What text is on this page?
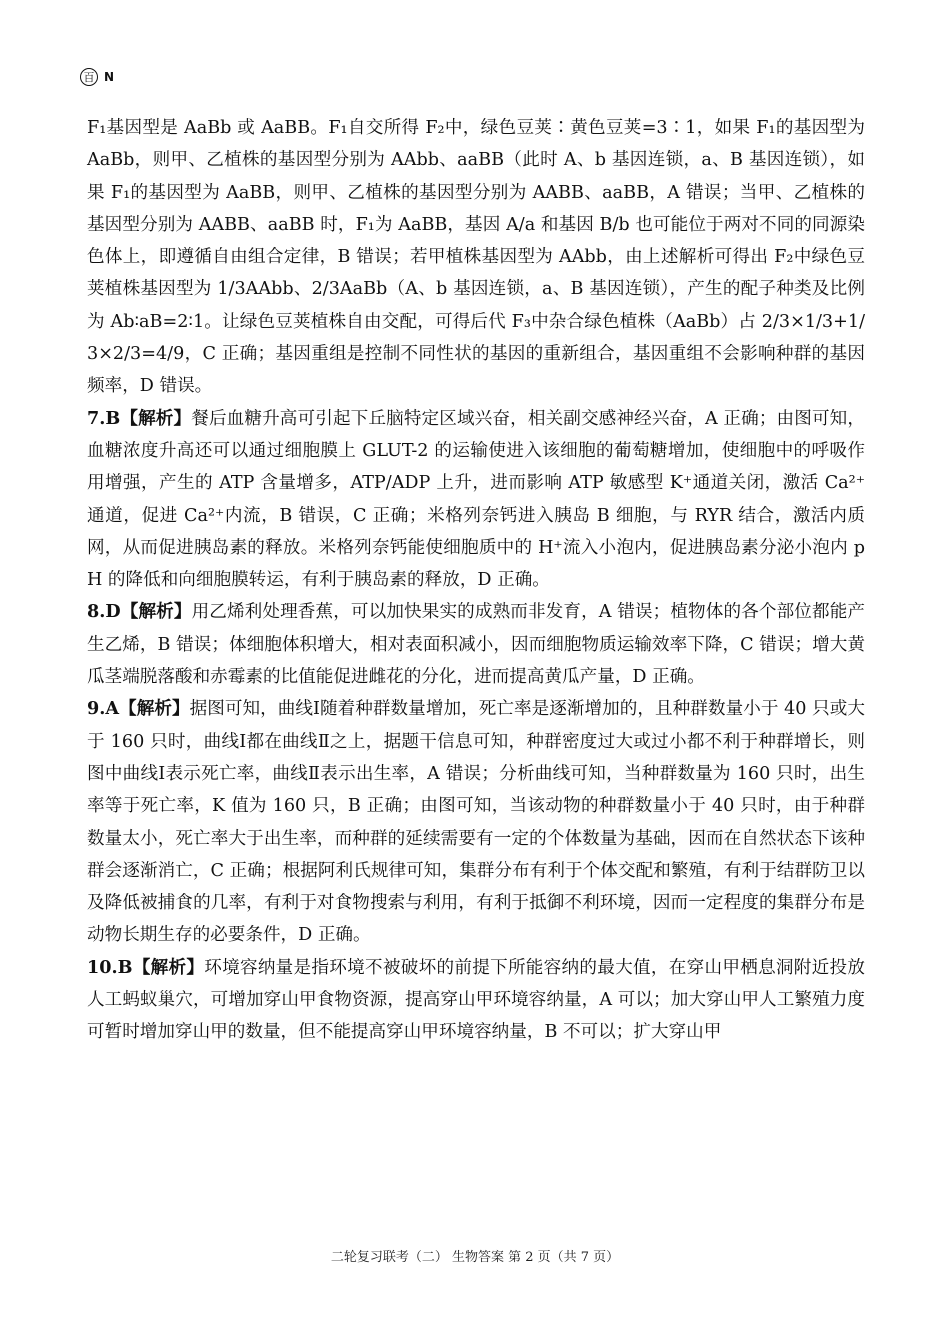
百 N

F₁基因型是 AaBb 或 AaBB。F₁自交所得 F₂中，绿色豆荚∶黄色豆荚=3∶1，如果 F₁的基因型为 AaBb，则甲、乙植株的基因型分别为 AAbb、aaBB（此时 A、b 基因连锁，a、B 基因连锁），如果 F₁的基因型为 AaBB，则甲、乙植株的基因型分别为 AABB、aaBB，A 错误；当甲、乙植株的基因型分别为 AABB、aaBB 时，F₁为 AaBB，基因 A/a 和基因 B/b 也可能位于两对不同的同源染色体上，即遵循自由组合定律，B 错误；若甲植株基因型为 AAbb，由上述解析可得出 F₂中绿色豆荚植株基因型为 1/3AAbb、2/3AaBb（A、b 基因连锁，a、B 基因连锁），产生的配子种类及比例为 Ab∶aB=2∶1。让绿色豆荚植株自由交配，可得后代 F₃中杂合绿色植株（AaBb）占 2/3×1/3+1/3×2/3=4/9，C 正确；基因重组是控制不同性状的基因的重新组合，基因重组不会影响种群的基因频率，D 错误。

7.B【解析】餐后血糖升高可引起下丘脑特定区域兴奋，相关副交感神经兴奋，A 正确；由图可知，血糖浓度升高还可以通过细胞膜上 GLUT-2 的运输使进入该细胞的葡萄糖增加，使细胞中的呼吸作用增强，产生的 ATP 含量增多，ATP/ADP 上升，进而影响 ATP 敏感型 K⁺通道关闭，激活 Ca²⁺通道，促进 Ca²⁺内流，B 错误，C 正确；米格列奈钙进入胰岛 B 细胞，与 RYR 结合，激活内质网，从而促进胰岛素的释放。米格列奈钙能使细胞质中的 H⁺流入小泡内，促进胰岛素分泌小泡内 pH 的降低和向细胞膜转运，有利于胰岛素的释放，D 正确。

8.D【解析】用乙烯利处理香蕉，可以加快果实的成熟而非发育，A 错误；植物体的各个部位都能产生乙烯，B 错误；体细胞体积增大，相对表面积减小，因而细胞物质运输效率下降，C 错误；增大黄瓜茎端脱落酸和赤霉素的比值能促进雌花的分化，进而提高黄瓜产量，D 正确。

9.A【解析】据图可知，曲线Ⅰ随着种群数量增加，死亡率是逐渐增加的，且种群数量小于 40 只或大于 160 只时，曲线Ⅰ都在曲线Ⅱ之上，据题干信息可知，种群密度过大或过小都不利于种群增长，则图中曲线Ⅰ表示死亡率，曲线Ⅱ表示出生率，A 错误；分析曲线可知，当种群数量为 160 只时，出生率等于死亡率，K 值为 160 只，B 正确；由图可知，当该动物的种群数量小于 40 只时，由于种群数量太小，死亡率大于出生率，而种群的延续需要有一定的个体数量为基础，因而在自然状态下该种群会逐渐消亡，C 正确；根据阿利氏规律可知，集群分布有利于个体交配和繁殖，有利于结群防卫以及降低被捕食的几率，有利于对食物搜索与利用，有利于抵御不利环境，因而一定程度的集群分布是动物长期生存的必要条件，D 正确。

10.B【解析】环境容纳量是指环境不被破坏的前提下所能容纳的最大值，在穿山甲栖息洞附近投放人工蚂蚁巢穴，可增加穿山甲食物资源，提高穿山甲环境容纳量，A 可以；加大穿山甲人工繁殖力度可暂时增加穿山甲的数量，但不能提高穿山甲环境容纳量，B 不可以；扩大穿山甲

二轮复习联考（二） 生物答案 第 2 页（共 7 页）
